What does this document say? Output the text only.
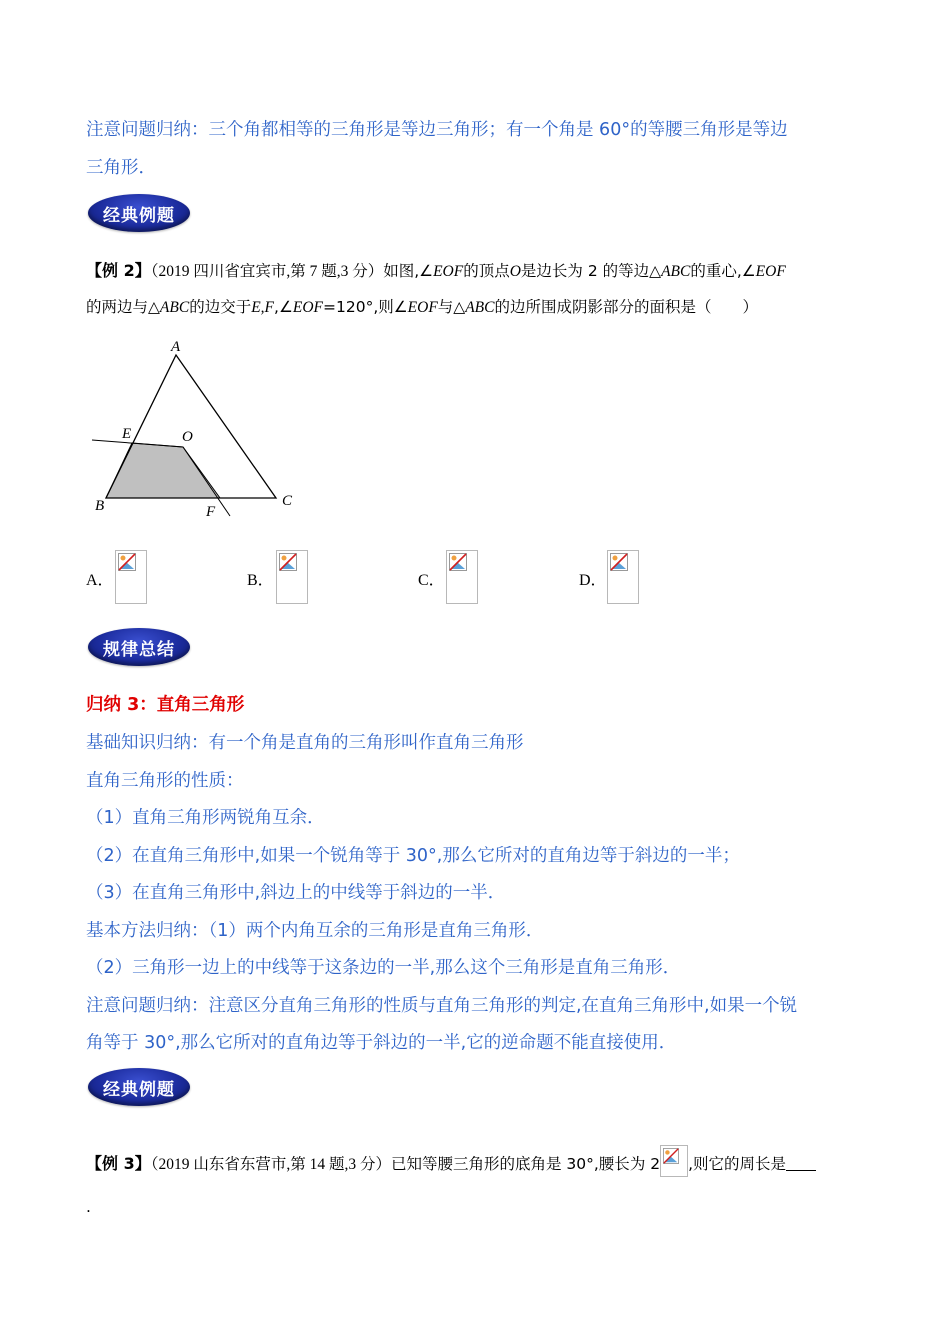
注意问题归纳：三个角都相等的三角形是等边三角形；有一个角是 60°的等腰三角形是等边
三角形．
经典例题
【例 2】（2019 四川省宜宾市,第 7 题,3 分）如图,∠EOF的顶点O是边长为 2 的等边△ABC的重心,∠EOF
的两边与△ABC的边交于E,F,∠EOF=120°,则∠EOF与△ABC的边所围成阴影部分的面积是（　　）
A
E	O
B	C
F
A．	B．	C．	D．
规律总结
归纳 3：直角三角形
基础知识归纳：有一个角是直角的三角形叫作直角三角形
直角三角形的性质：
（1）直角三角形两锐角互余．
（2）在直角三角形中,如果一个锐角等于 30°,那么它所对的直角边等于斜边的一半；
（3）在直角三角形中,斜边上的中线等于斜边的一半．
基本方法归纳：（1）两个内角互余的三角形是直角三角形．
（2）三角形一边上的中线等于这条边的一半,那么这个三角形是直角三角形．
注意问题归纳：注意区分直角三角形的性质与直角三角形的判定,在直角三角形中,如果一个锐
角等于 30°,那么它所对的直角边等于斜边的一半,它的逆命题不能直接使用．
经典例题
【例 3】（2019 山东省东营市,第 14 题,3 分）已知等腰三角形的底角是 30°,腰长为 2 ,则它的周长是
.
